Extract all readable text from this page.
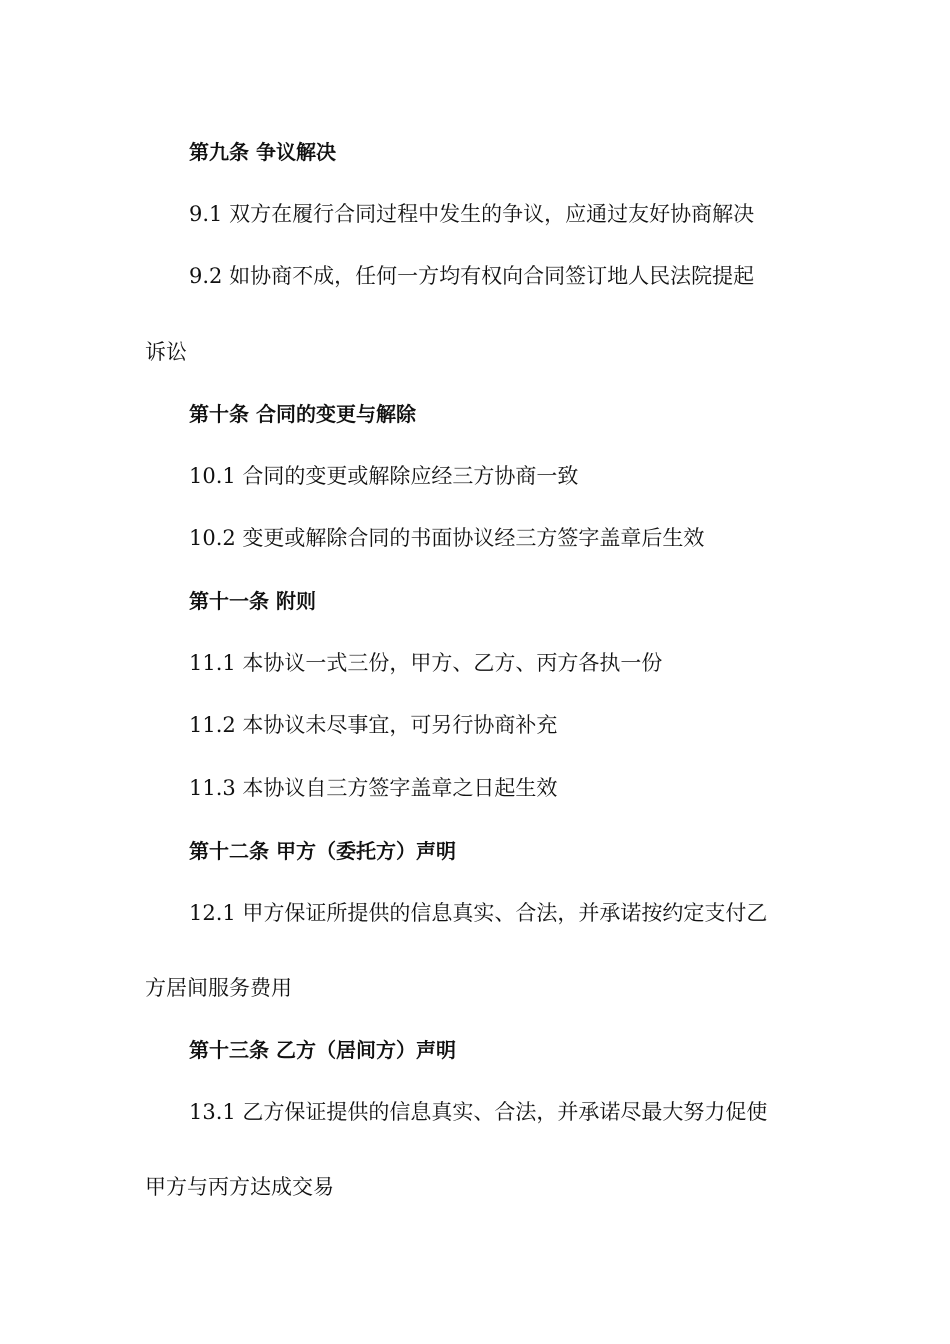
第九条 争议解决
9.1 双方在履行合同过程中发生的争议，应通过友好协商解决
9.2 如协商不成，任何一方均有权向合同签订地人民法院提起
诉讼
第十条 合同的变更与解除
10.1 合同的变更或解除应经三方协商一致
10.2 变更或解除合同的书面协议经三方签字盖章后生效
第十一条 附则
11.1 本协议一式三份，甲方、乙方、丙方各执一份
11.2 本协议未尽事宜，可另行协商补充
11.3 本协议自三方签字盖章之日起生效
第十二条 甲方（委托方）声明
12.1 甲方保证所提供的信息真实、合法，并承诺按约定支付乙
方居间服务费用
第十三条 乙方（居间方）声明
13.1 乙方保证提供的信息真实、合法，并承诺尽最大努力促使
甲方与丙方达成交易
